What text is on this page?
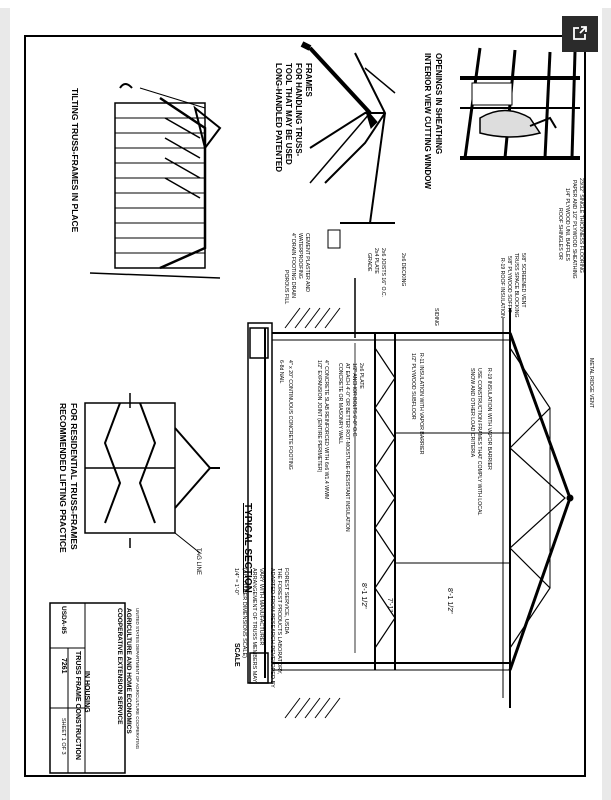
INTERIOR VIEW CUTTING WINDOW OPENINGS IN SHEATHING
LONG-HANDLED PATENTED TOOL THAT MAY BE USED FOR HANDLING TRUSS- FRAMES
TILTING TRUSS-FRAMES IN PLACE
RECOMMENDED LIFTING PRACTICE FOR RESIDENTIAL TRUSS-FRAMES
TAG LINE
8'-1 1/2"	7'-1"	8'-1 1/2"
23/32" SINGLE THICKNESS FLOORING
PAPER AND 1/2" PLYWOOD SHEATHING
1/4" PLYWOOD UNI. BAFFLES
ROOF SHINGLES OR
METAL RIDGE VENT
5/8" SCREENED VENT
TRUSS SPACE BLOCKING
5/8" PLYWOOD SOFFIT
R-19 ROOF INSULATION
R-19 INSULATION WITH VAPOR BARRIER
USE CONSTRUCTION FRAMES THAT COMPLY WITH LOCAL
SNOW AND OTHER LOAD CRITERIA
SIDING
R-11 INSULATION WITH VAPOR BARRIER
1/2" PLYWOOD SUBFLOOR
2x6 DECKING
2x6 JOISTS 16" O.C.
2x4 PLATE
GRADE
CEMENT PLASTER AND
WATERPROOFING
4" DRAIN FOOTING DRAIN
POROUS FILL
4" CONCRETE SLAB REINFORCED WITH 6x6 W1.4 WWM
1/2" EXPANSION JOINT (ENTIRE PERIMETER)	2x6 PLATE
1/2" ANCHOR BOLTS 6'-0" O.C.
AT EACH 4'-0" OR BETTER ROT-MOISTURE-RESISTANT INSULATION
CONCRETE OR MASONRY WALL
4" x 20" CONTINUOUS CONCRETE FOOTING
6-8d NAIL
TYPICAL SECTION
SCALE
1/4" = 1'-0" (ALL OTHER DIMENSIONS SCALE) ARRANGEMENT OF TRUSS MEMBERS MAY VARY WITH MANUFACTURER ADAPTED FROM RESEARCH DEVELOPED BY THE FOREST PRODUCTS LABORATORY, FOREST SERVICE, USDA
COOPERATIVE EXTENSION SERVICE AGRICULTURE AND HOME ECONOMICS UNITED STATES DEPARTMENT OF AGRICULTURE COOPERATING
TRUSS FRAME CONSTRUCTION IN HOUSING
USDA-85
7261
SHEET 1 OF 3
